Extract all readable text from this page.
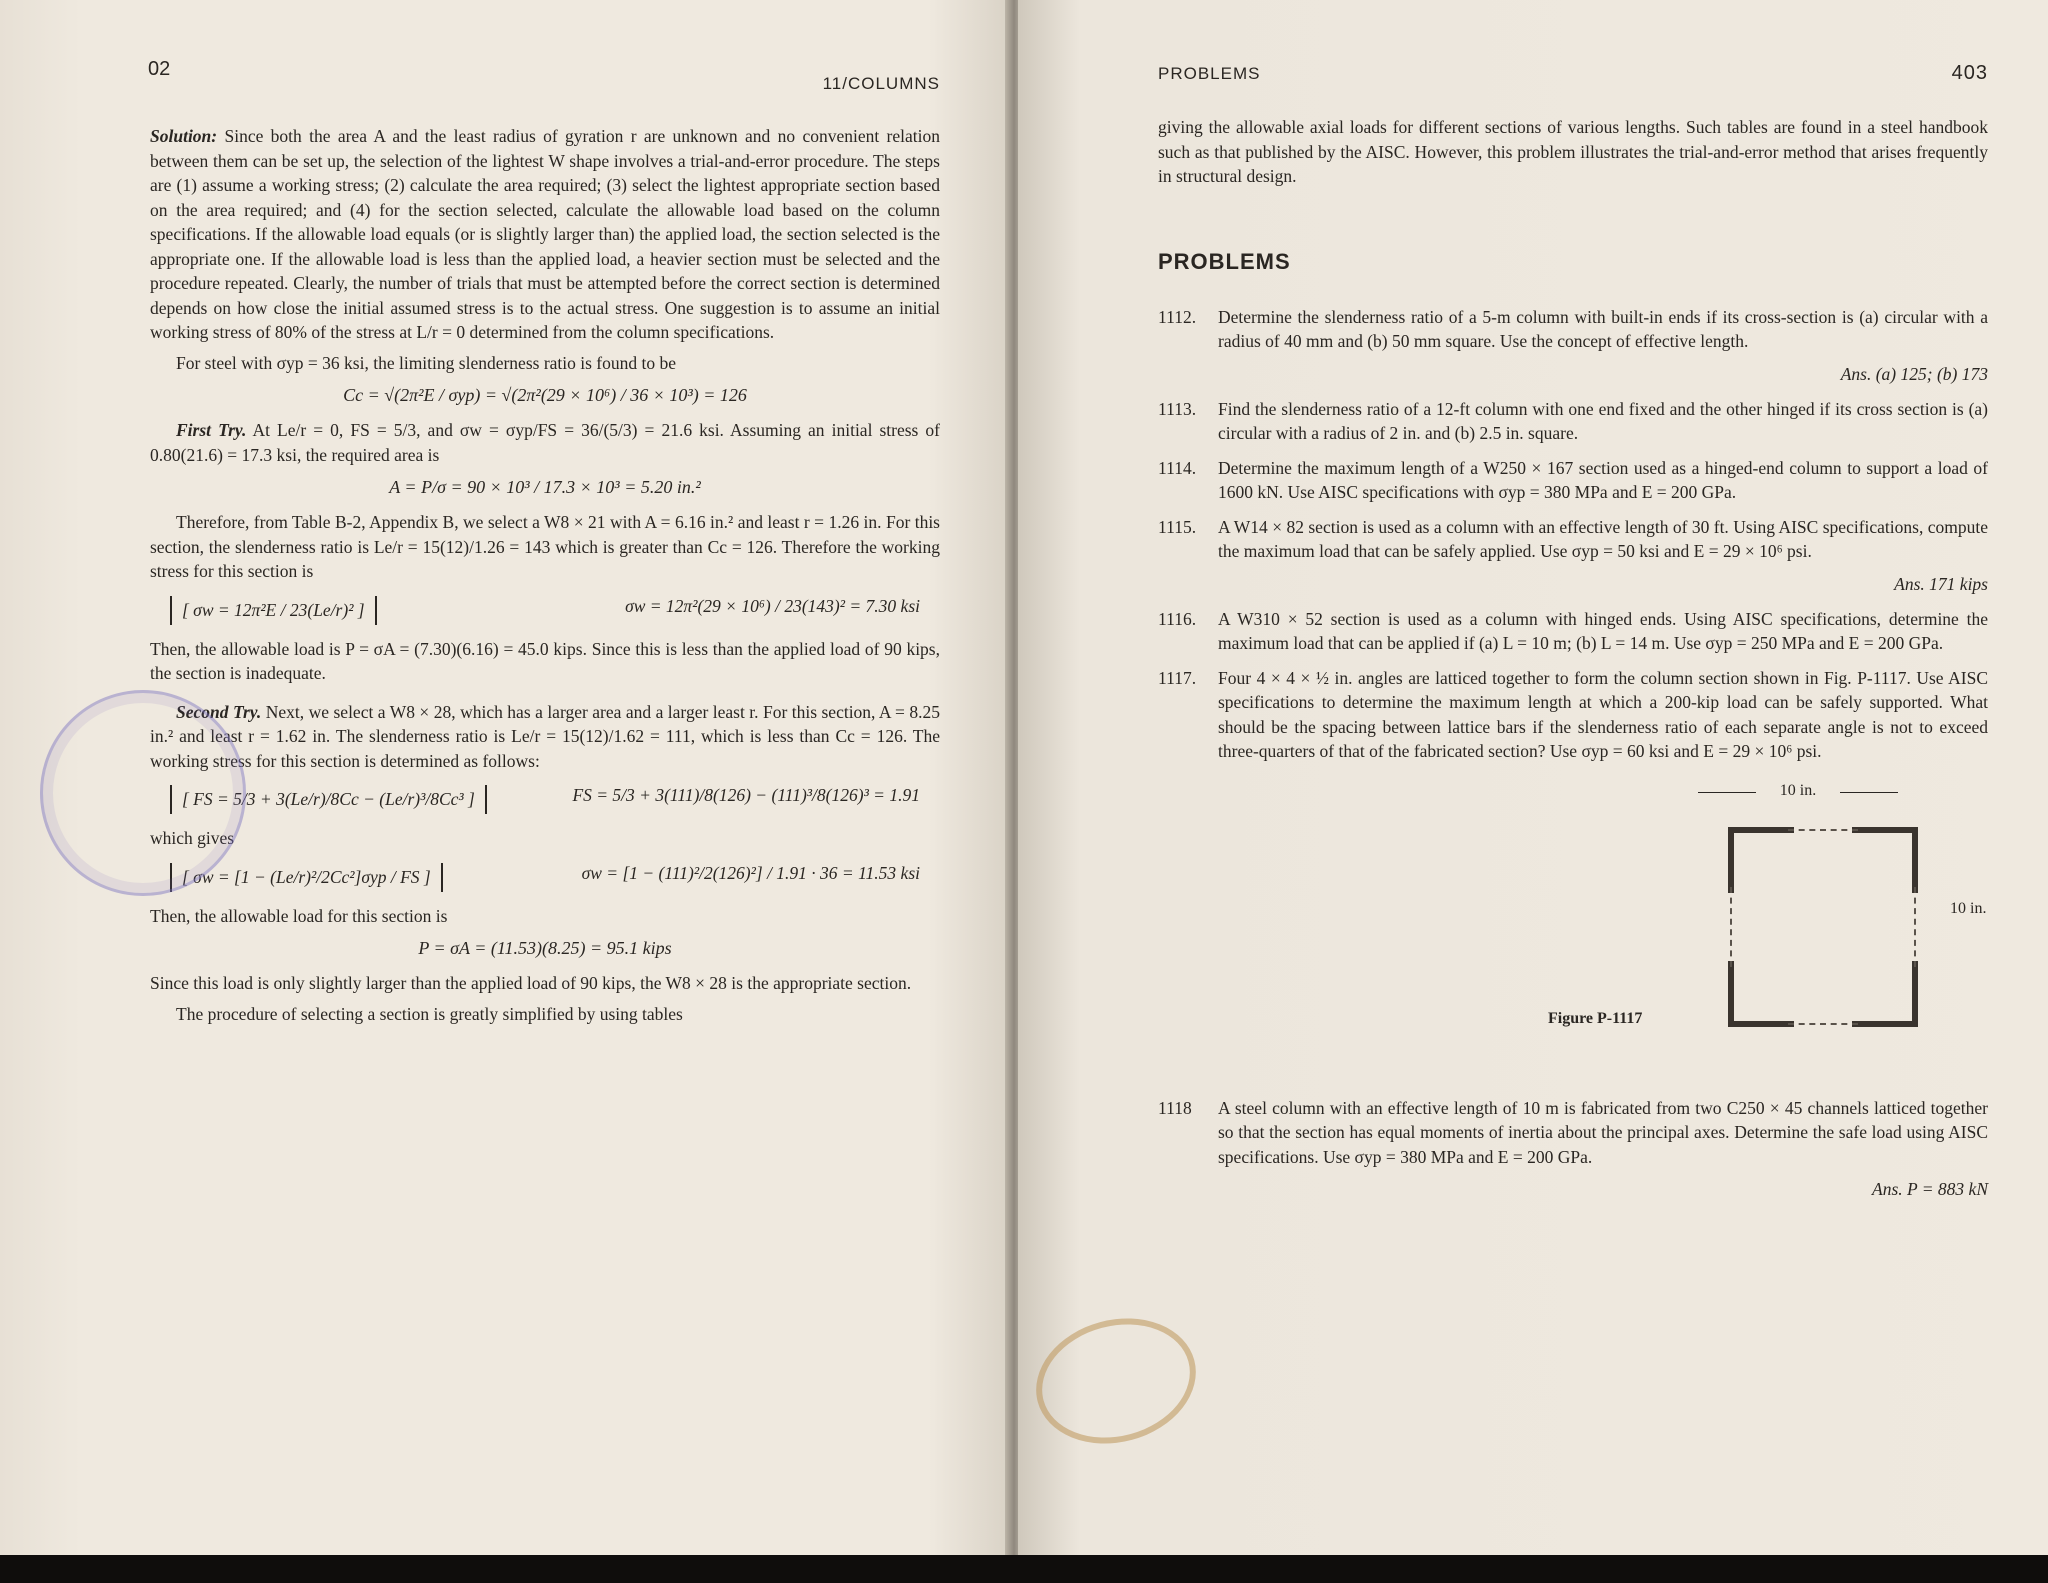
02
11/COLUMNS

Solution: Since both the area A and the least radius of gyration r are unknown and no convenient relation between them can be set up, the selection of the lightest W shape involves a trial-and-error procedure. The steps are (1) assume a working stress; (2) calculate the area required; (3) select the lightest appropriate section based on the area required; and (4) for the section selected, calculate the allowable load based on the column specifications. If the allowable load equals (or is slightly larger than) the applied load, the section selected is the appropriate one. If the allowable load is less than the applied load, a heavier section must be selected and the procedure repeated. Clearly, the number of trials that must be attempted before the correct section is determined depends on how close the initial assumed stress is to the actual stress. One suggestion is to assume an initial working stress of 80% of the stress at L/r = 0 determined from the column specifications.

For steel with σyp = 36 ksi, the limiting slenderness ratio is found to be

Cc = √(2π²E / σyp) = √(2π²(29 × 10⁶) / 36 × 10³) = 126

First Try. At Le/r = 0, FS = 5/3, and σw = σyp/FS = 36/(5/3) = 21.6 ksi. Assuming an initial stress of 0.80(21.6) = 17.3 ksi, the required area is

A = P/σ = 90 × 10³ / 17.3 × 10³ = 5.20 in.²

Therefore, from Table B-2, Appendix B, we select a W8 × 21 with A = 6.16 in.² and least r = 1.26 in. For this section, the slenderness ratio is Le/r = 15(12)/1.26 = 143 which is greater than Cc = 126. Therefore the working stress for this section is

[ σw = 12π²E / 23(Le/r)² ]	σw = 12π²(29 × 10⁶) / 23(143)² = 7.30 ksi

Then, the allowable load is P = σA = (7.30)(6.16) = 45.0 kips. Since this is less than the applied load of 90 kips, the section is inadequate.

Second Try. Next, we select a W8 × 28, which has a larger area and a larger least r. For this section, A = 8.25 in.² and least r = 1.62 in. The slenderness ratio is Le/r = 15(12)/1.62 = 111, which is less than Cc = 126. The working stress for this section is determined as follows:

[ FS = 5/3 + 3(Le/r)/8Cc − (Le/r)³/8Cc³ ]	FS = 5/3 + 3(111)/8(126) − (111)³/8(126)³ = 1.91

which gives

[ σw = [1 − (Le/r)²/2Cc²]σyp / FS ]	σw = [1 − (111)²/2(126)²] / 1.91 · 36 = 11.53 ksi

Then, the allowable load for this section is

P = σA = (11.53)(8.25) = 95.1 kips

Since this load is only slightly larger than the applied load of 90 kips, the W8 × 28 is the appropriate section.

The procedure of selecting a section is greatly simplified by using tables

PROBLEMS	403

giving the allowable axial loads for different sections of various lengths. Such tables are found in a steel handbook such as that published by the AISC. However, this problem illustrates the trial-and-error method that arises frequently in structural design.

PROBLEMS
1112.	Determine the slenderness ratio of a 5-m column with built-in ends if its cross-section is (a) circular with a radius of 40 mm and (b) 50 mm square. Use the concept of effective length.

Ans. (a) 125; (b) 173
1113.	Find the slenderness ratio of a 12-ft column with one end fixed and the other hinged if its cross section is (a) circular with a radius of 2 in. and (b) 2.5 in. square.

1114.	Determine the maximum length of a W250 × 167 section used as a hinged-end column to support a load of 1600 kN. Use AISC specifications with σyp = 380 MPa and E = 200 GPa.

1115.	A W14 × 82 section is used as a column with an effective length of 30 ft. Using AISC specifications, compute the maximum load that can be safely applied. Use σyp = 50 ksi and E = 29 × 10⁶ psi.

Ans. 171 kips
1116.	A W310 × 52 section is used as a column with hinged ends. Using AISC specifications, determine the maximum load that can be applied if (a) L = 10 m; (b) L = 14 m. Use σyp = 250 MPa and E = 200 GPa.

1117.	Four 4 × 4 × ½ in. angles are latticed together to form the column section shown in Fig. P-1117. Use AISC specifications to determine the maximum length at which a 200-kip load can be safely supported. What should be the spacing between lattice bars if the slenderness ratio of each separate angle is not to exceed three-quarters of that of the fabricated section? Use σyp = 60 ksi and E = 29 × 10⁶ psi.

10 in.
10 in.
Figure P-1117
1118	A steel column with an effective length of 10 m is fabricated from two C250 × 45 channels latticed together so that the section has equal moments of inertia about the principal axes. Determine the safe load using AISC specifications. Use σyp = 380 MPa and E = 200 GPa.

Ans. P = 883 kN
